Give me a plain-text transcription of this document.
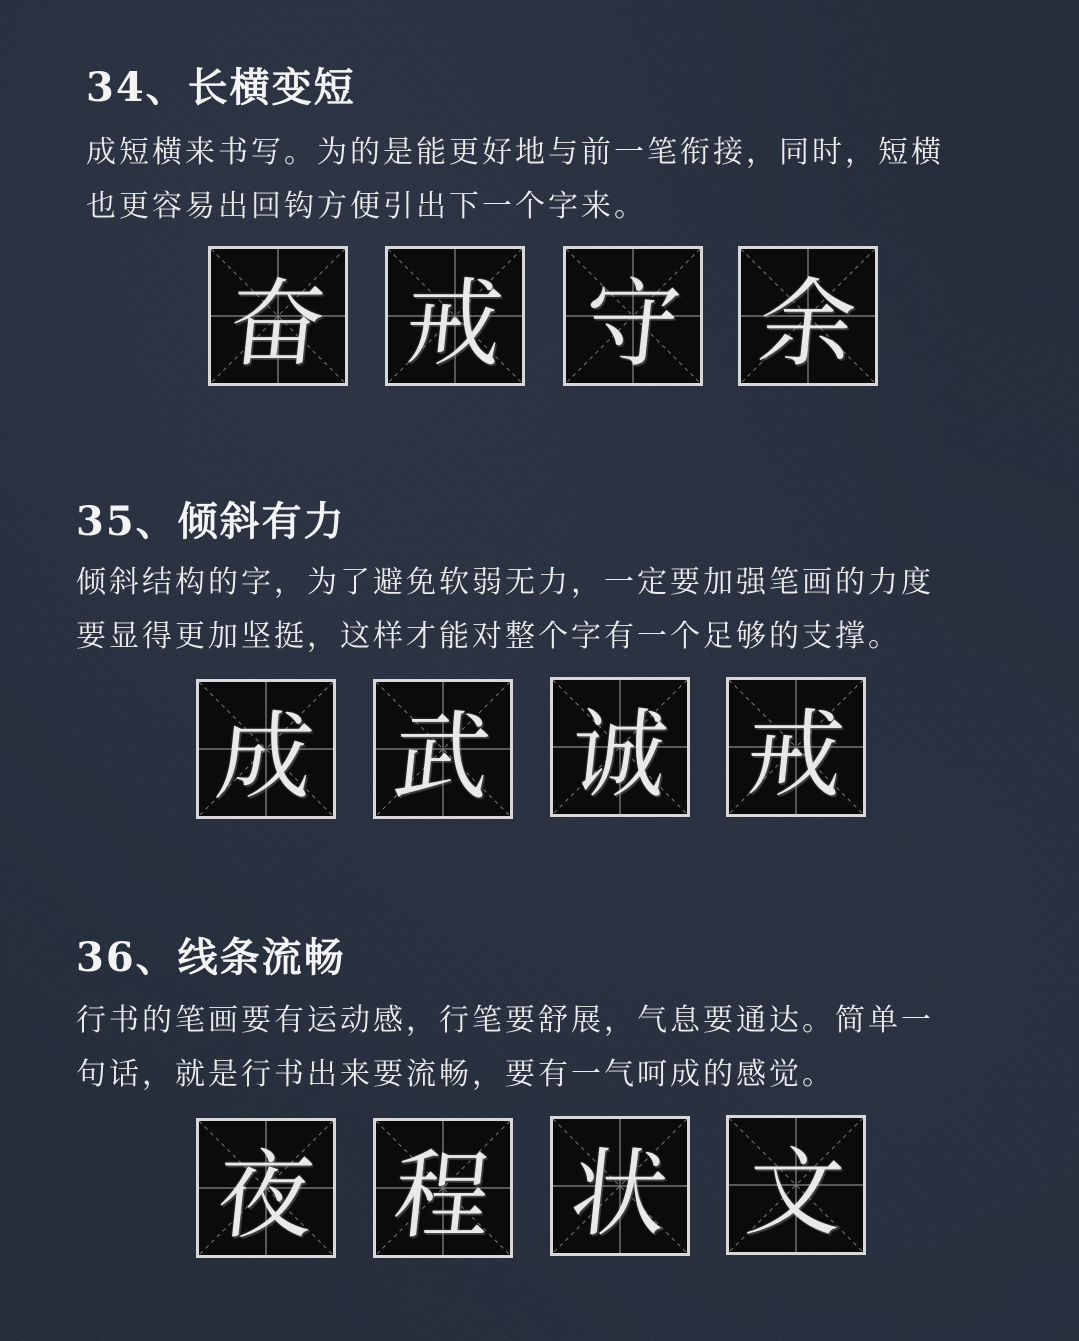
34、长横变短
成短横来书写。为的是能更好地与前一笔衔接，同时，短横
也更容易出回钩方便引出下一个字来。
奋 戒 守 余
35、倾斜有力
倾斜结构的字，为了避免软弱无力，一定要加强笔画的力度
要显得更加坚挺，这样才能对整个字有一个足够的支撑。
成 武 诚 戒
36、线条流畅
行书的笔画要有运动感，行笔要舒展，气息要通达。简单一
句话，就是行书出来要流畅，要有一气呵成的感觉。
夜 程 状 文
